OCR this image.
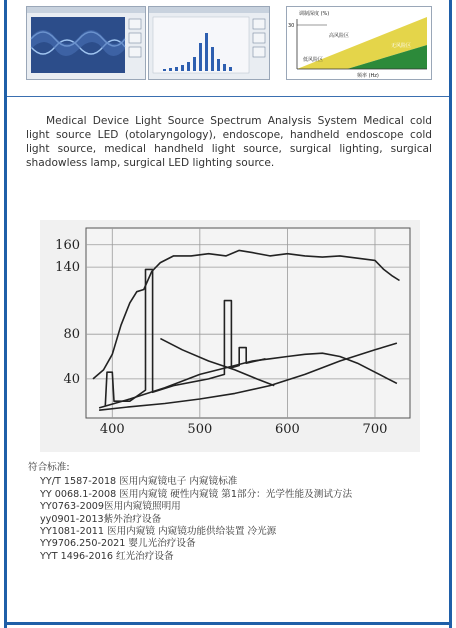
调制深度 (%)
30
高风险区
低风险区
无风险区
频率 (Hz)

Medical Device Light Source Spectrum Analysis System Medical cold light source LED (otolaryngology), endoscope, handheld endoscope cold light source, medical handheld light source, surgical lighting, surgical shadowless lamp, surgical LED lighting source.

400	500	600	700
40
80
140
160

符合标准:

YY/T 1587-2018 医用内窥镜电子 内窥镜标准
YY 0068.1-2008 医用内窥镜 硬性内窥镜 第1部分：光学性能及测试方法
YY0763-2009医用内窥镜照明用
yy0901-2013紫外治疗设备
YY1081-2011 医用内窥镜 内窥镜功能供给装置 冷光源
YY9706.250-2021 婴儿光治疗设备
YYT 1496-2016 红光治疗设备
